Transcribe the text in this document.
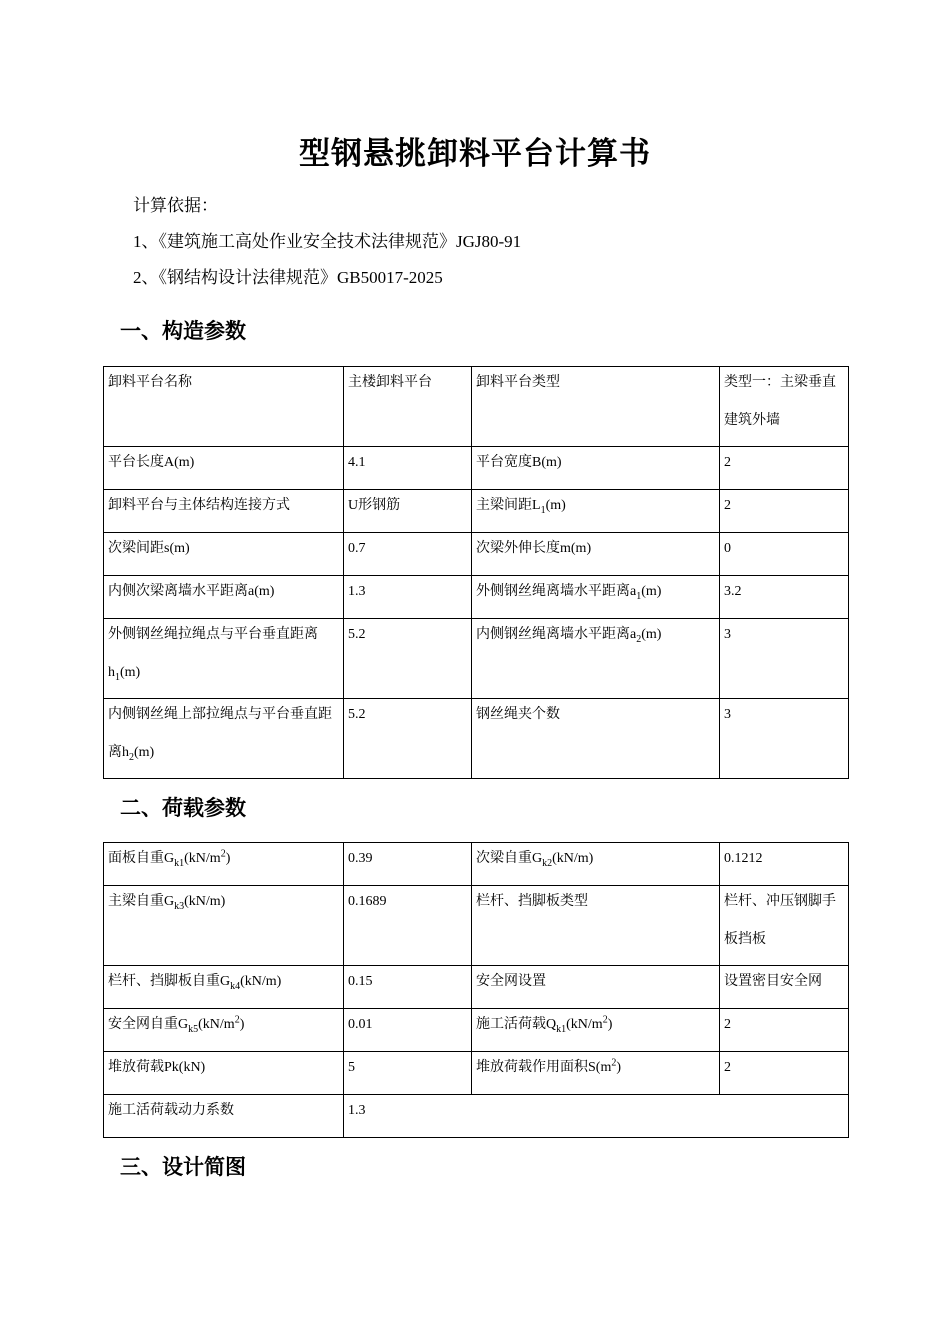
型钢悬挑卸料平台计算书
计算依据：
1、《建筑施工高处作业安全技术法律规范》JGJ80-91
2、《钢结构设计法律规范》GB50017-2025
一、构造参数
卸料平台名称	主楼卸料平台	卸料平台类型	类型一：主梁垂直建筑外墙

平台长度A(m)	4.1	平台宽度B(m)	2

卸料平台与主体结构连接方式	U形钢筋	主梁间距$L_1(m)$	2

次梁间距s(m)	0.7	次梁外伸长度m(m)	0

内侧次梁离墙水平距离a(m)	1.3	外侧钢丝绳离墙水平距离$a_1(m)$	3.2

外侧钢丝绳拉绳点与平台垂直距离$h_1(m)$	5.2	内侧钢丝绳离墙水平距离$a_2(m)$	3

内侧钢丝绳上部拉绳点与平台垂直距离$h_2(m)$	5.2	钢丝绳夹个数	3
二、荷载参数
面板自重$G_{k1}(kN/m^2)$	0.39	次梁自重$G_{k2}(kN/m)$	0.1212

主梁自重$G_{k3}(kN/m)$	0.1689	栏杆、挡脚板类型	栏杆、冲压钢脚手板挡板

栏杆、挡脚板自重$G_{k4}(kN/m)$	0.15	安全网设置	设置密目安全网

安全网自重$G_{k5}(kN/m^2)$	0.01	施工活荷载$Q_{k1}(kN/m^2)$	2

堆放荷载Pk(kN)	5	堆放荷载作用面积$S(m^2)$	2

施工活荷载动力系数	1.3		
三、设计简图
